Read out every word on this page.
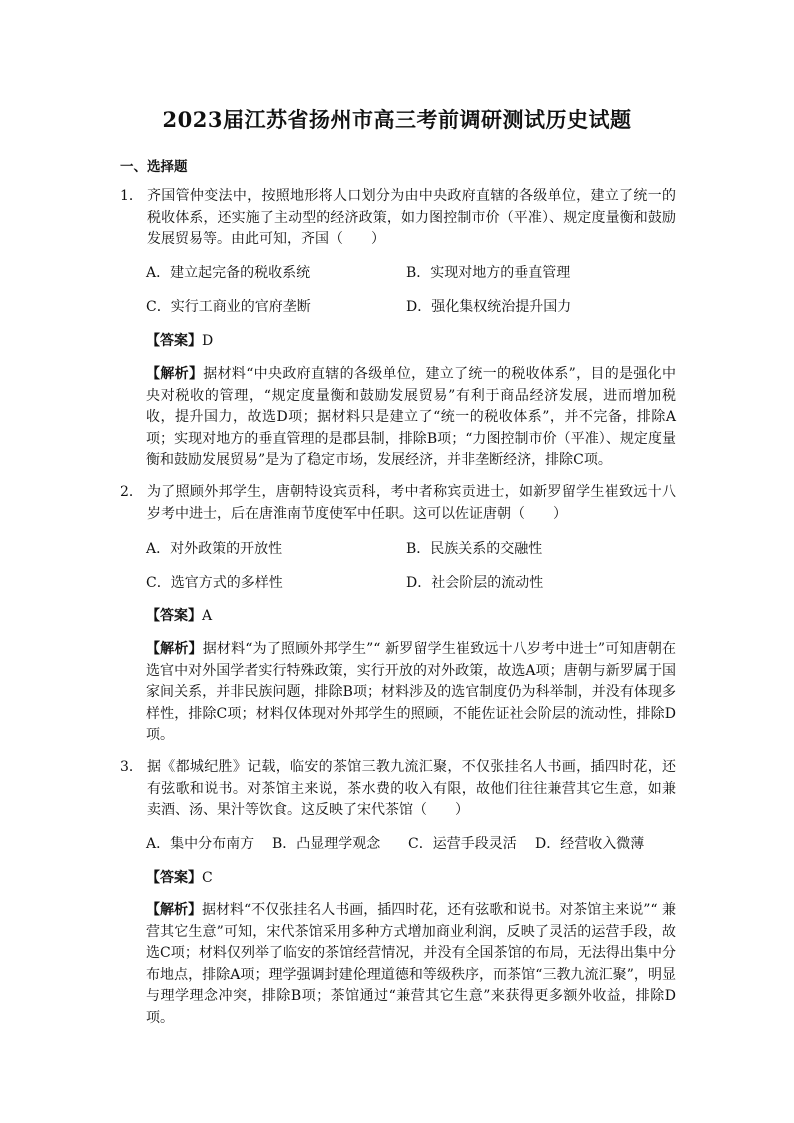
2023届江苏省扬州市高三考前调研测试历史试题
一、选择题
1． 齐国管仲变法中，按照地形将人口划分为由中央政府直辖的各级单位，建立了统一的税收体系，还实施了主动型的经济政策，如力图控制市价（平准）、规定度量衡和鼓励发展贸易等。由此可知，齐国（　　）
A．建立起完备的税收系统	B．实现对地方的垂直管理
C．实行工商业的官府垄断	D．强化集权统治提升国力
【答案】D
【解析】据材料“中央政府直辖的各级单位，建立了统一的税收体系”，目的是强化中央对税收的管理，“规定度量衡和鼓励发展贸易”有利于商品经济发展，进而增加税收，提升国力，故选D项；据材料只是建立了“统一的税收体系”，并不完备，排除A项；实现对地方的垂直管理的是郡县制，排除B项；“力图控制市价（平准）、规定度量衡和鼓励发展贸易”是为了稳定市场，发展经济，并非垄断经济，排除C项。
2． 为了照顾外邦学生，唐朝特设宾贡科，考中者称宾贡进士，如新罗留学生崔致远十八岁考中进士，后在唐淮南节度使军中任职。这可以佐证唐朝（　　）
A．对外政策的开放性	B．民族关系的交融性
C．选官方式的多样性	D．社会阶层的流动性
【答案】A
【解析】据材料“为了照顾外邦学生”“ 新罗留学生崔致远十八岁考中进士”可知唐朝在选官中对外国学者实行特殊政策，实行开放的对外政策，故选A项；唐朝与新罗属于国家间关系，并非民族问题，排除B项；材料涉及的选官制度仍为科举制，并没有体现多样性，排除C项；材料仅体现对外邦学生的照顾，不能佐证社会阶层的流动性，排除D项。
3． 据《都城纪胜》记载，临安的茶馆三教九流汇聚，不仅张挂名人书画，插四时花，还有弦歌和说书。对茶馆主来说，茶水费的收入有限，故他们往往兼营其它生意，如兼卖酒、汤、果汁等饮食。这反映了宋代茶馆（　　）
A．集中分布南方 B．凸显理学观念 C．运营手段灵活 D．经营收入微薄
【答案】C
【解析】据材料“不仅张挂名人书画，插四时花，还有弦歌和说书。对茶馆主来说”“ 兼营其它生意”可知，宋代茶馆采用多种方式增加商业利润，反映了灵活的运营手段，故选C项；材料仅列举了临安的茶馆经营情况，并没有全国茶馆的布局，无法得出集中分布地点，排除A项；理学强调封建伦理道德和等级秩序，而茶馆“三教九流汇聚”，明显与理学理念冲突，排除B项；茶馆通过“兼营其它生意”来获得更多额外收益，排除D项。
